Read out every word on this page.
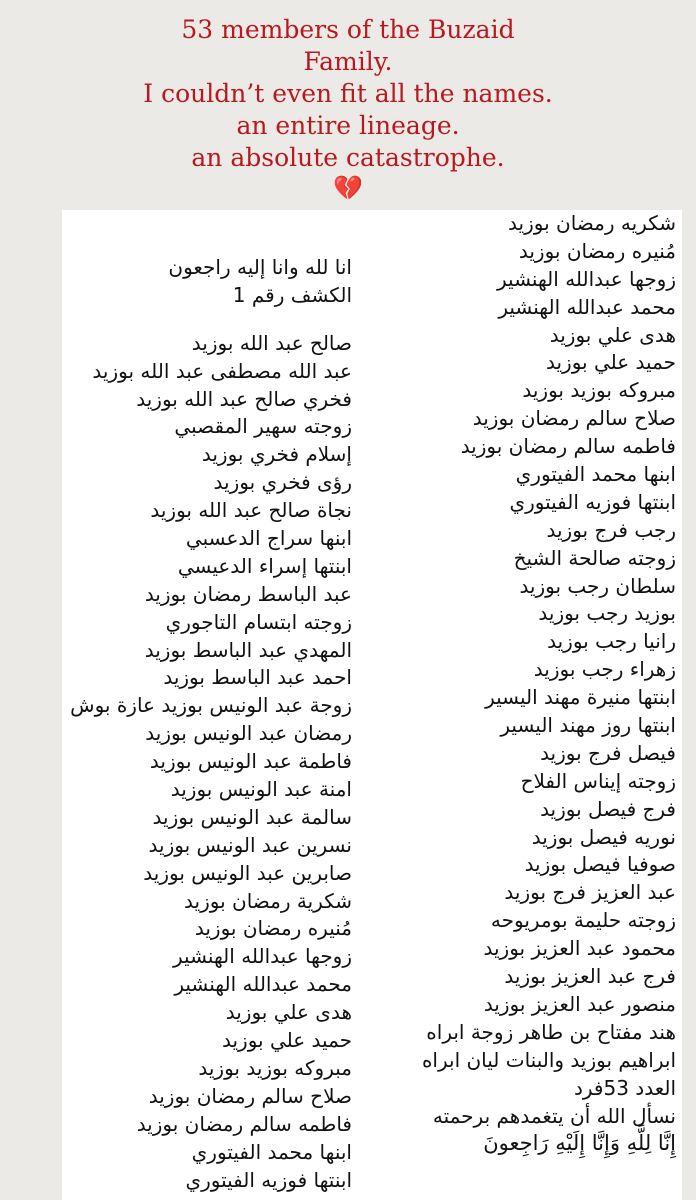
53 members of the Buzaid
Family.
I couldn’t even fit all the names.
an entire lineage.
an absolute catastrophe.
💔
شكريه رمضان بوزيد
مُنيره رمضان بوزيد
زوجها عبدالله الهنشير
محمد عبدالله الهنشير
هدى علي بوزيد
حميد علي بوزيد
مبروكه بوزيد بوزيد
صلاح سالم رمضان بوزيد
فاطمه سالم رمضان بوزيد
ابنها محمد الفيتوري
ابنتها فوزيه الفيتوري
رجب فرج بوزيد
زوجته صالحة الشيخ
سلطان رجب بوزيد
بوزيد رجب بوزيد
رانيا رجب بوزيد
زهراء رجب بوزيد
ابنتها منيرة مهند اليسير
ابنتها روز مهند اليسير
فيصل فرج بوزيد
زوجته إيناس الفلاح
فرج فيصل بوزيد
نوريه فيصل بوزيد
صوفيا فيصل بوزيد
عبد العزيز فرج بوزيد
زوجته حليمة بومريوحه
محمود عبد العزيز بوزيد
فرج عبد العزيز بوزيد
منصور عبد العزيز بوزيد
هند مفتاح بن طاهر زوجة ابراه
ابراهيم بوزيد والبنات ليان ابراه
العدد 53فرد
نسأل الله أن يتغمدهم برحمته
إِنَّا لِلَّهِ وَإِنَّا إِلَيْهِ رَاجِعونَ
انا لله وانا إليه راجعون
الكشف رقم 1
صالح عبد الله بوزيد
عبد الله مصطفى عبد الله بوزيد
فخري صالح عبد الله بوزيد
زوجته سهير المقصبي
إسلام فخري بوزيد
رؤى فخري بوزيد
نجاة صالح عبد الله بوزيد
ابنها سراج الدعسبي
ابنتها إسراء الدعيسي
عبد الباسط رمضان بوزيد
زوجته ابتسام التاجوري
المهدي عبد الباسط بوزيد
احمد عبد الباسط بوزيد
زوجة عبد الونيس بوزيد عازة بوش
رمضان عبد الونيس بوزيد
فاطمة عبد الونيس بوزيد
امنة عبد الونيس بوزيد
سالمة عبد الونيس بوزيد
نسرين عبد الونيس بوزيد
صابرين عبد الونيس بوزيد
شكرية رمضان بوزيد
مُنيره رمضان بوزيد
زوجها عبدالله الهنشير
محمد عبدالله الهنشير
هدى علي بوزيد
حميد علي بوزيد
مبروكه بوزيد بوزيد
صلاح سالم رمضان بوزيد
فاطمه سالم رمضان بوزيد
ابنها محمد الفيتوري
ابنتها فوزيه الفيتوري
